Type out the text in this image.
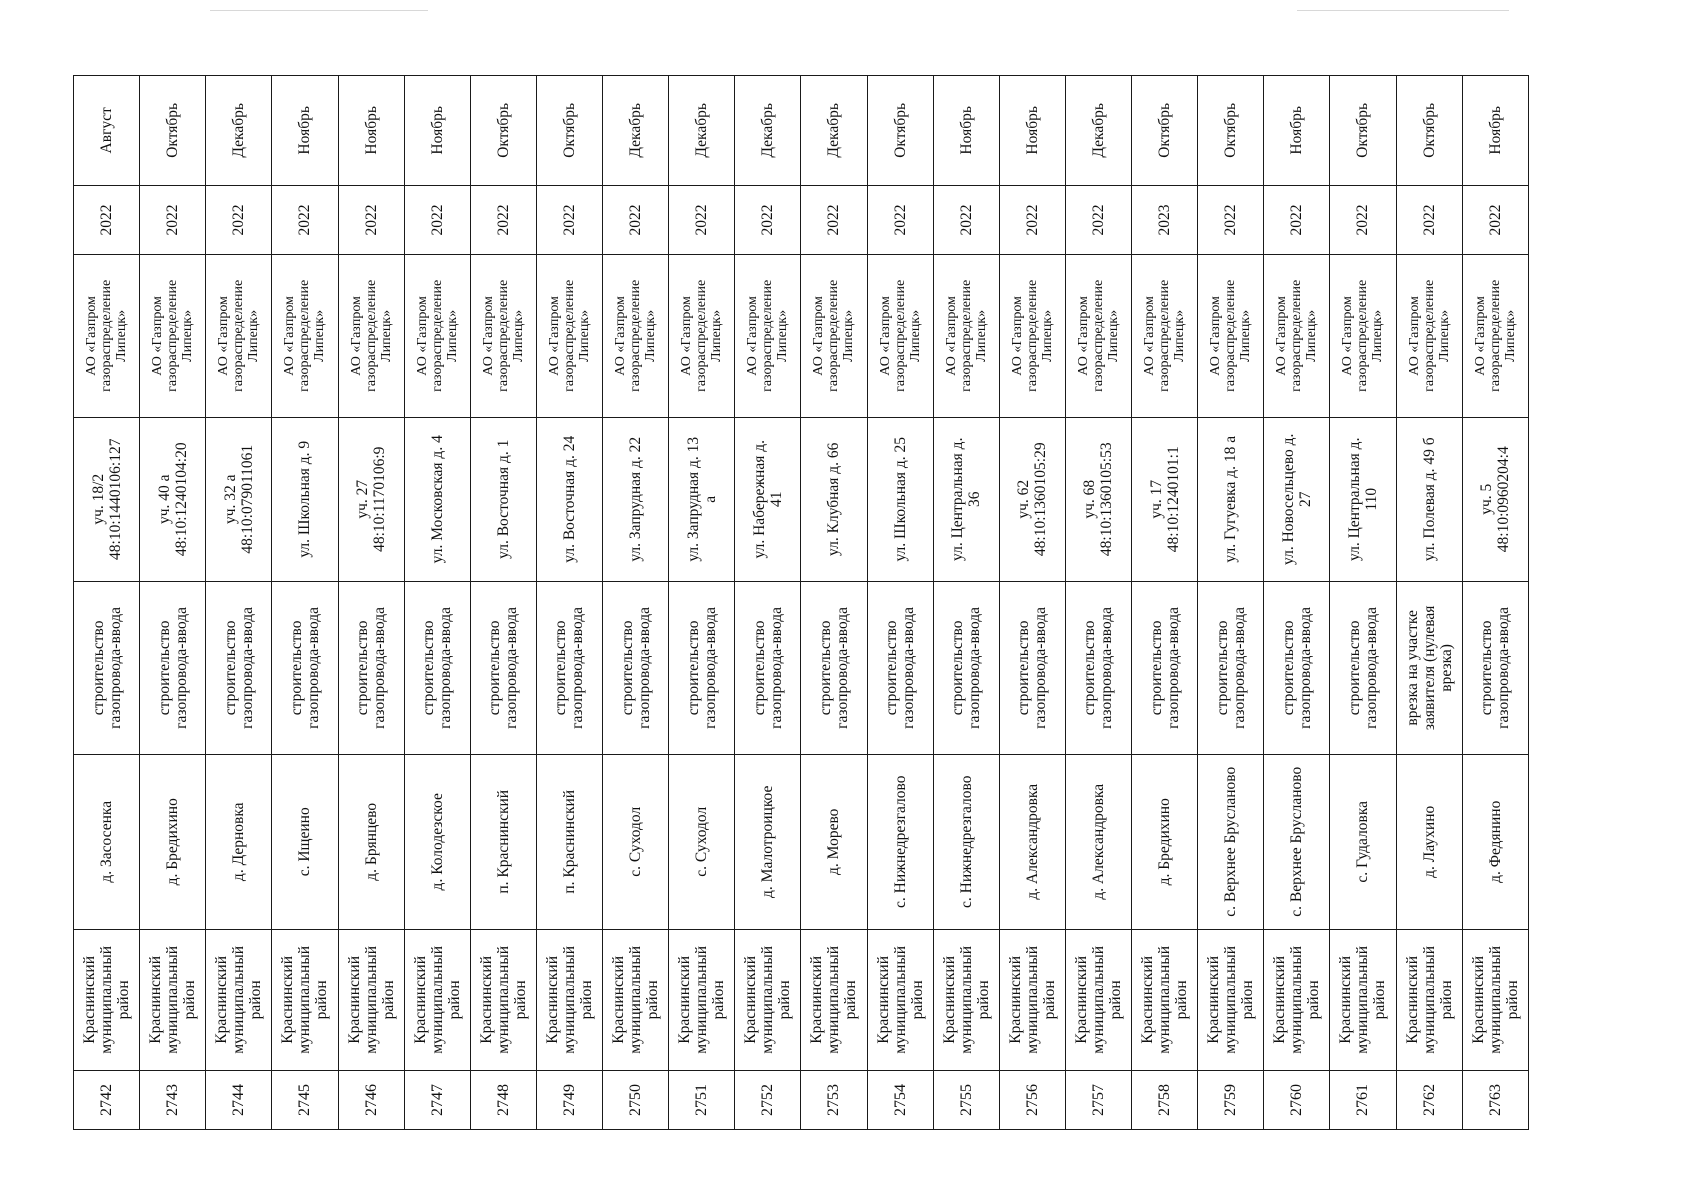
2742	Краснинский муниципальный район	д. Засосенка	строительство газопровода-ввода	уч. 18/2 48:10:1440106:127	АО «Газпром газораспределение Липецк»	2022	Август
2743	Краснинский муниципальный район	д. Бредихино	строительство газопровода-ввода	уч. 40 а 48:10:1240104:20	АО «Газпром газораспределение Липецк»	2022	Октябрь
2744	Краснинский муниципальный район	д. Дерновка	строительство газопровода-ввода	уч. 32 а 48:10:079011061	АО «Газпром газораспределение Липецк»	2022	Декабрь
2745	Краснинский муниципальный район	с. Ищеино	строительство газопровода-ввода	ул. Школьная д. 9	АО «Газпром газораспределение Липецк»	2022	Ноябрь
2746	Краснинский муниципальный район	д. Брянцево	строительство газопровода-ввода	уч. 27 48:10:1170106:9	АО «Газпром газораспределение Липецк»	2022	Ноябрь
2747	Краснинский муниципальный район	д. Колодезское	строительство газопровода-ввода	ул. Московская д. 4	АО «Газпром газораспределение Липецк»	2022	Ноябрь
2748	Краснинский муниципальный район	п. Краснинский	строительство газопровода-ввода	ул. Восточная д. 1	АО «Газпром газораспределение Липецк»	2022	Октябрь
2749	Краснинский муниципальный район	п. Краснинский	строительство газопровода-ввода	ул. Восточная д. 24	АО «Газпром газораспределение Липецк»	2022	Октябрь
2750	Краснинский муниципальный район	с. Суходол	строительство газопровода-ввода	ул. Запрудная д. 22	АО «Газпром газораспределение Липецк»	2022	Декабрь
2751	Краснинский муниципальный район	с. Суходол	строительство газопровода-ввода	ул. Запрудная д. 13 а	АО «Газпром газораспределение Липецк»	2022	Декабрь
2752	Краснинский муниципальный район	д. Малотроицкое	строительство газопровода-ввода	ул. Набережная д. 41	АО «Газпром газораспределение Липецк»	2022	Декабрь
2753	Краснинский муниципальный район	д. Морево	строительство газопровода-ввода	ул. Клубная д. 66	АО «Газпром газораспределение Липецк»	2022	Декабрь
2754	Краснинский муниципальный район	с. Нижнедрезгалово	строительство газопровода-ввода	ул. Школьная д. 25	АО «Газпром газораспределение Липецк»	2022	Октябрь
2755	Краснинский муниципальный район	с. Нижнедрезгалово	строительство газопровода-ввода	ул. Центральная д. 36	АО «Газпром газораспределение Липецк»	2022	Ноябрь
2756	Краснинский муниципальный район	д. Александровка	строительство газопровода-ввода	уч. 62 48:10:1360105:29	АО «Газпром газораспределение Липецк»	2022	Ноябрь
2757	Краснинский муниципальный район	д. Александровка	строительство газопровода-ввода	уч. 68 48:10:1360105:53	АО «Газпром газораспределение Липецк»	2022	Декабрь
2758	Краснинский муниципальный район	д. Бредихино	строительство газопровода-ввода	уч. 17 48:10:1240101:1	АО «Газпром газораспределение Липецк»	2023	Октябрь
2759	Краснинский муниципальный район	с. Верхнее Брусланово	строительство газопровода-ввода	ул. Гугуевка д. 18 а	АО «Газпром газораспределение Липецк»	2022	Октябрь
2760	Краснинский муниципальный район	с. Верхнее Брусланово	строительство газопровода-ввода	ул. Новосельцево д. 27	АО «Газпром газораспределение Липецк»	2022	Ноябрь
2761	Краснинский муниципальный район	с. Гудаловка	строительство газопровода-ввода	ул. Центральная д. 110	АО «Газпром газораспределение Липецк»	2022	Октябрь
2762	Краснинский муниципальный район	д. Лаухино	врезка на участке заявителя (нулевая врезка)	ул. Полевая д. 49 б	АО «Газпром газораспределение Липецк»	2022	Октябрь
2763	Краснинский муниципальный район	д. Федянино	строительство газопровода-ввода	уч. 5 48:10:0960204:4	АО «Газпром газораспределение Липецк»	2022	Ноябрь
